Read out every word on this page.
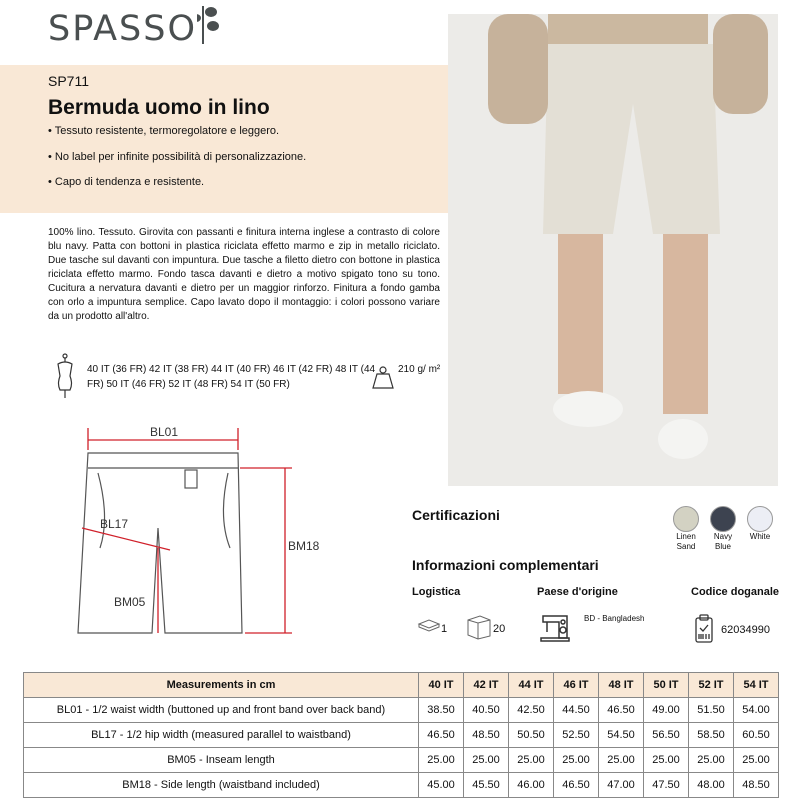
SPASSO
SP711
Bermuda uomo in lino
• Tessuto resistente, termoregolatore e leggero.
• No label per infinite possibilità di personalizzazione.
• Capo di tendenza e resistente.
100% lino. Tessuto. Girovita con passanti e finitura interna inglese a contrasto di colore blu navy. Patta con bottoni in plastica riciclata effetto marmo e zip in metallo riciclato. Due tasche sul davanti con impuntura. Due tasche a filetto dietro con bottone in plastica riciclata effetto marmo. Fondo tasca davanti e dietro a motivo spigato tono su tono. Cucitura a nervatura davanti e dietro per un maggior rinforzo. Finitura a fondo gamba con orlo a impuntura semplice. Capo lavato dopo il montaggio: i colori possono variare da un prodotto all'altro.
40 IT (36 FR) 42 IT (38 FR) 44 IT (40 FR) 46 IT (42 FR) 48 IT (44 FR) 50 IT (46 FR) 52 IT (48 FR) 54 IT (50 FR)
210 g/ m²
BL01
BL17
BM18
BM05
Certificazioni
Linen Sand
Navy Blue
White
Informazioni complementari
Logistica	Paese d'origine	Codice doganale
1	20
BD - Bangladesh
62034990
Measurements in cm	40 IT	42 IT	44 IT	46 IT	48 IT	50 IT	52 IT	54 IT
BL01 - 1/2 waist width (buttoned up and front band over back band)	38.50	40.50	42.50	44.50	46.50	49.00	51.50	54.00
BL17 - 1/2 hip width (measured parallel to waistband)	46.50	48.50	50.50	52.50	54.50	56.50	58.50	60.50
BM05 - Inseam length	25.00	25.00	25.00	25.00	25.00	25.00	25.00	25.00
BM18 - Side length (waistband included)	45.00	45.50	46.00	46.50	47.00	47.50	48.00	48.50
